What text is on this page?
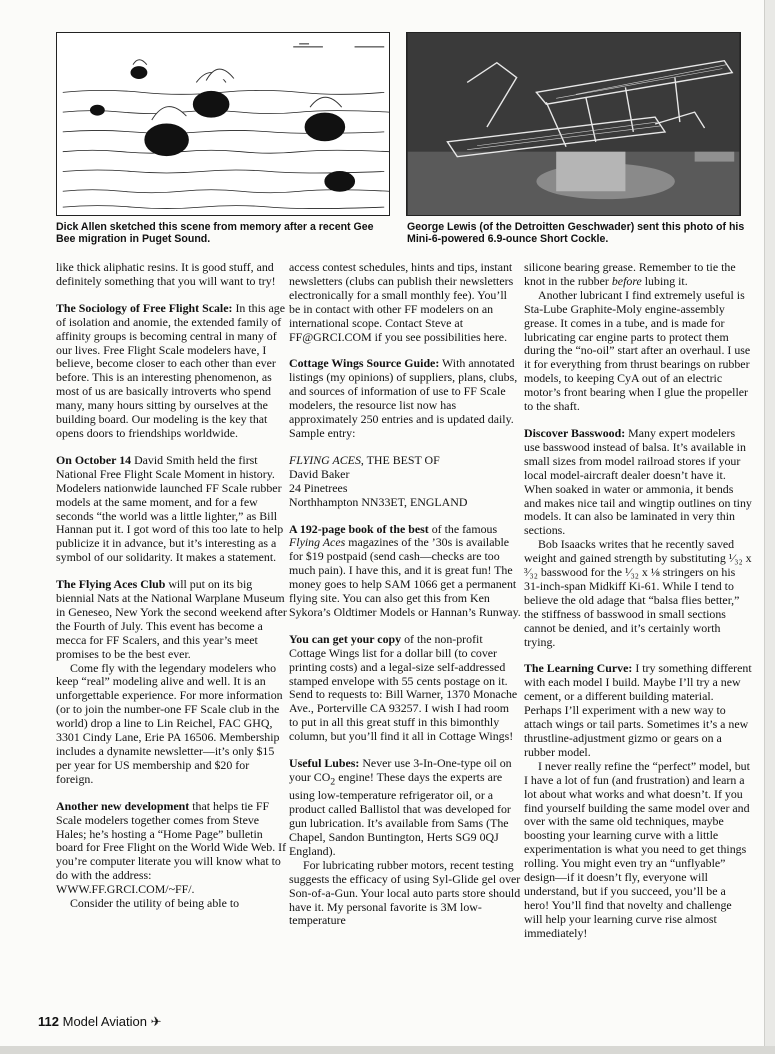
Dick Allen sketched this scene from memory after a recent Gee Bee migration in Puget Sound.
George Lewis (of the Detroitten Geschwader) sent this photo of his Mini-6-powered 6.9-ounce Short Cockle.

like thick aliphatic resins. It is good stuff, and definitely something that you will want to try!

The Sociology of Free Flight Scale: In this age of isolation and anomie, the extended family of affinity groups is becoming central in many of our lives. Free Flight Scale modelers have, I believe, become closer to each other than ever before. This is an interesting phenomenon, as most of us are basically introverts who spend many, many hours sitting by ourselves at the building board. Our modeling is the key that opens doors to friendships worldwide.

On October 14 David Smith held the first National Free Flight Scale Moment in history. Modelers nationwide launched FF Scale rubber models at the same moment, and for a few seconds “the world was a little lighter,” as Bill Hannan put it. I got word of this too late to help publicize it in advance, but it’s interesting as a symbol of our solidarity. It makes a statement.

The Flying Aces Club will put on its big biennial Nats at the National Warplane Museum in Geneseo, New York the second weekend after the Fourth of July. This event has become a mecca for FF Scalers, and this year’s meet promises to be the best ever.

Come fly with the legendary modelers who keep “real” modeling alive and well. It is an unforgettable experience. For more information (or to join the number-one FF Scale club in the world) drop a line to Lin Reichel, FAC GHQ, 3301 Cindy Lane, Erie PA 16506. Membership includes a dynamite newsletter—it’s only $15 per year for US membership and $20 for foreign.

Another new development that helps tie FF Scale modelers together comes from Steve Hales; he’s hosting a “Home Page” bulletin board for Free Flight on the World Wide Web. If you’re computer literate you will know what to do with the address: WWW.FF.GRCI.COM/~FF/.

Consider the utility of being able to

access contest schedules, hints and tips, instant newsletters (clubs can publish their newsletters electronically for a small monthly fee). You’ll be in contact with other FF modelers on an international scope. Contact Steve at FF@GRCI.COM if you see possibilities here.

Cottage Wings Source Guide: With annotated listings (my opinions) of suppliers, plans, clubs, and sources of information of use to FF Scale modelers, the resource list now has approximately 250 entries and is updated daily. Sample entry:

FLYING ACES, THE BEST OF
David Baker
24 Pinetrees
Northhampton NN33ET, ENGLAND

A 192-page book of the best of the famous Flying Aces magazines of the ’30s is available for $19 postpaid (send cash—checks are too much pain). I have this, and it is great fun! The money goes to help SAM 1066 get a permanent flying site. You can also get this from Ken Sykora’s Oldtimer Models or Hannan’s Runway.

You can get your copy of the non-profit Cottage Wings list for a dollar bill (to cover printing costs) and a legal-size self-addressed stamped envelope with 55 cents postage on it. Send to requests to: Bill Warner, 1370 Monache Ave., Porterville CA 93257. I wish I had room to put in all this great stuff in this bimonthly column, but you’ll find it all in Cottage Wings!

Useful Lubes: Never use 3-In-One-type oil on your $CO_2$ engine! These days the experts are using low-temperature refrigerator oil, or a product called Ballistol that was developed for gun lubrication. It’s available from Sams (The Chapel, Sandon Buntington, Herts SG9 0QJ England).

For lubricating rubber motors, recent testing suggests the efficacy of using Syl-Glide gel over Son-of-a-Gun. Your local auto parts store should have it. My personal favorite is 3M low-temperature

silicone bearing grease. Remember to tie the knot in the rubber before lubing it.

Another lubricant I find extremely useful is Sta-Lube Graphite-Moly engine-assembly grease. It comes in a tube, and is made for lubricating car engine parts to protect them during the “no-oil” start after an overhaul. I use it for everything from thrust bearings on rubber models, to keeping CyA out of an electric motor’s front bearing when I glue the propeller to the shaft.

Discover Basswood: Many expert modelers use basswood instead of balsa. It’s available in small sizes from model railroad stores if your local model-aircraft dealer doesn’t have it. When soaked in water or ammonia, it bends and makes nice tail and wingtip outlines on tiny models. It can also be laminated in very thin sections.

Bob Isaacks writes that he recently saved weight and gained strength by substituting ¹⁄₃₂ x ³⁄₃₂ basswood for the ¹⁄₃₂ x ⅛ stringers on his 31-inch-span Midkiff Ki-61. While I tend to believe the old adage that “balsa flies better,” the stiffness of basswood in small sections cannot be denied, and it’s certainly worth trying.

The Learning Curve: I try something different with each model I build. Maybe I’ll try a new cement, or a different building material. Perhaps I’ll experiment with a new way to attach wings or tail parts. Sometimes it’s a new thrustline-adjustment gizmo or gears on a rubber model.

I never really refine the “perfect” model, but I have a lot of fun (and frustration) and learn a lot about what works and what doesn’t. If you find yourself building the same model over and over with the same old techniques, maybe boosting your learning curve with a little experimentation is what you need to get things rolling. You might even try an “unflyable” design—if it doesn’t fly, everyone will understand, but if you succeed, you’ll be a hero! You’ll find that novelty and challenge will help your learning curve rise almost immediately!

112 Model Aviation ✈
